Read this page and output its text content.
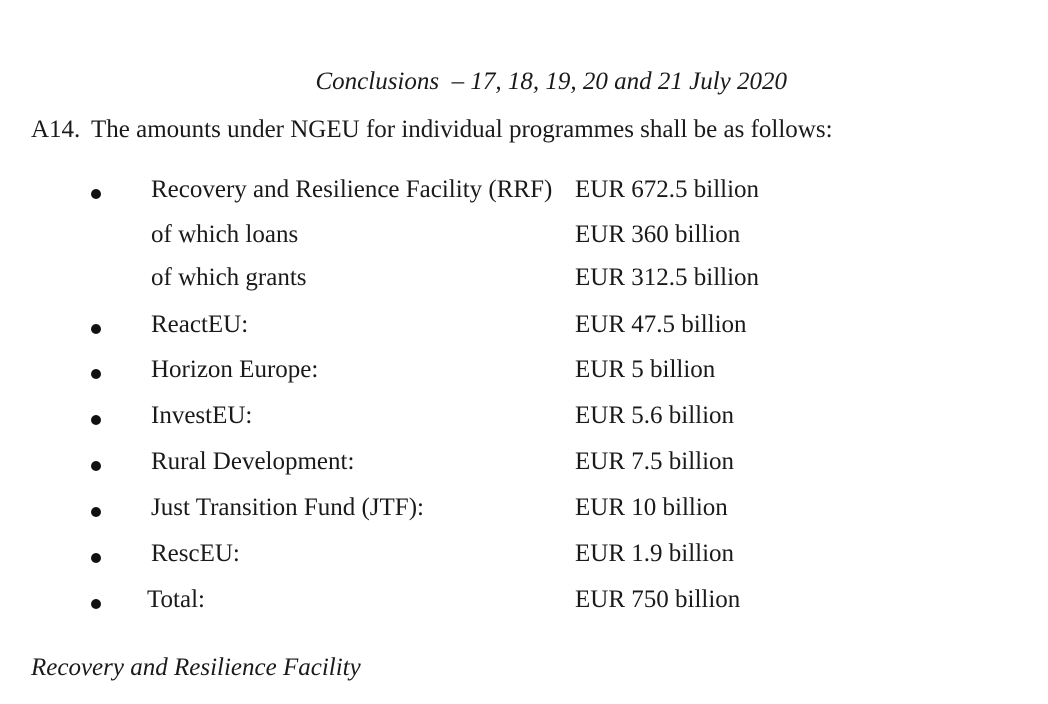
Conclusions  – 17, 18, 19, 20 and 21 July 2020

A14. The amounts under NGEU for individual programmes shall be as follows:
Recovery and Resilience Facility (RRF) EUR 672.5 billion
of which loans	EUR 360 billion
of which grants	EUR 312.5 billion
ReactEU:	EUR 47.5 billion
Horizon Europe:	EUR 5 billion
InvestEU:	EUR 5.6 billion
Rural Development:	EUR 7.5 billion
Just Transition Fund (JTF):	EUR 10 billion
RescEU:	EUR 1.9 billion
Total:	EUR 750 billion
Recovery and Resilience Facility
